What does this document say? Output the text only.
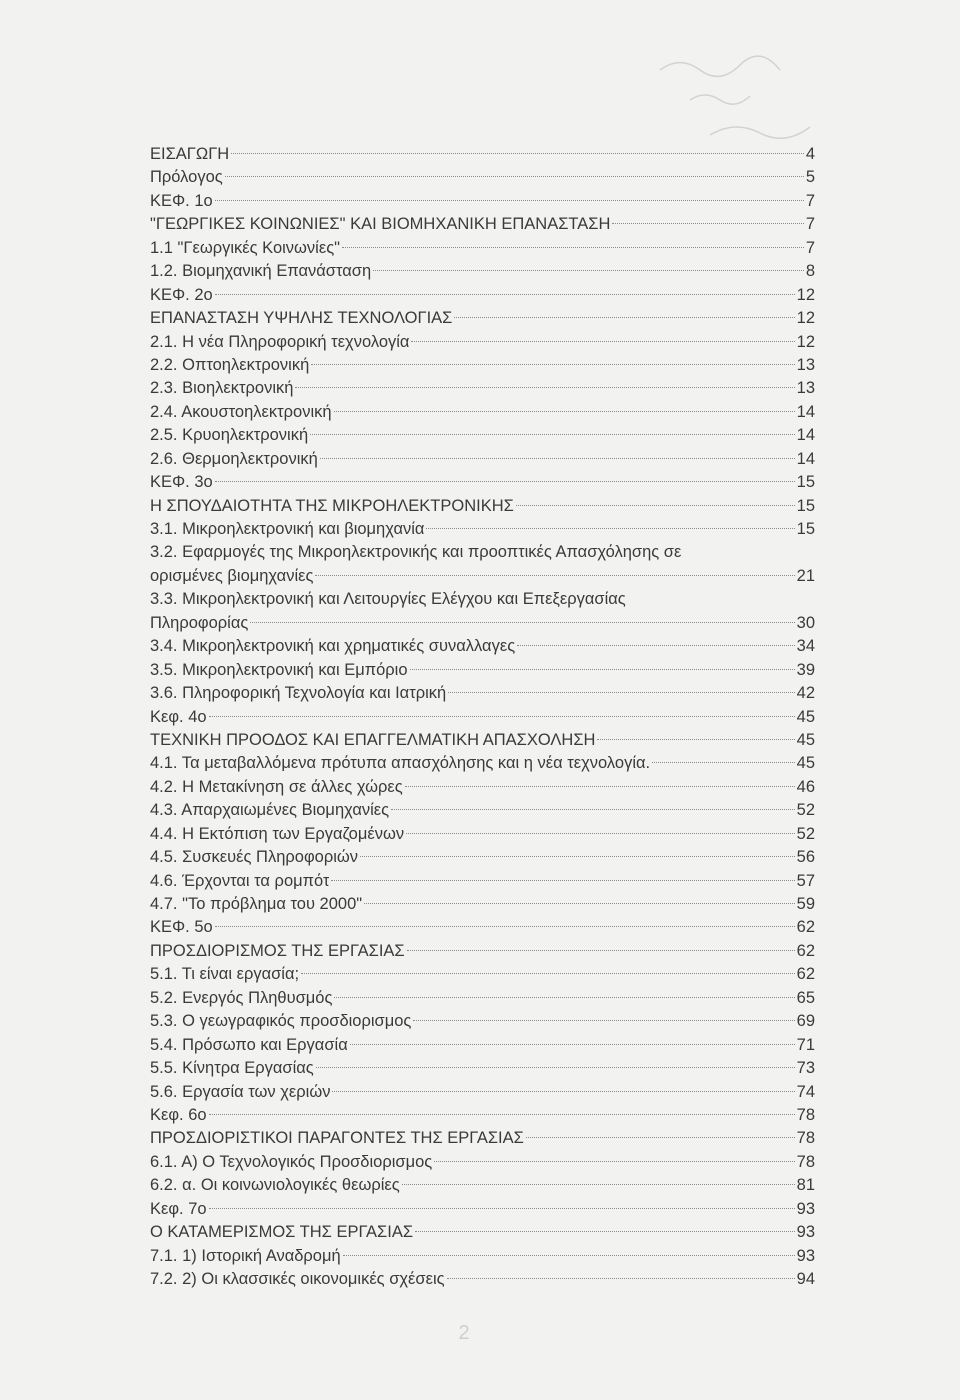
ΕΙΣΑΓΩΓΗ	4
Πρόλογος	5
ΚΕΦ. 1ο	7
"ΓΕΩΡΓΙΚΕΣ ΚΟΙΝΩΝΙΕΣ" ΚΑΙ ΒΙΟΜΗΧΑΝΙΚΗ ΕΠΑΝΑΣΤΑΣΗ	7
1.1 "Γεωργικές Κοινωνίες"	7
1.2. Βιομηχανική Επανάσταση	8
ΚΕΦ. 2ο	12
ΕΠΑΝΑΣΤΑΣΗ ΥΨΗΛΗΣ ΤΕΧΝΟΛΟΓΙΑΣ	12
2.1. Η νέα Πληροφορική τεχνολογία	12
2.2. Οπτοηλεκτρονική	13
2.3. Βιοηλεκτρονική	13
2.4. Ακουστοηλεκτρονική	14
2.5. Κρυοηλεκτρονική	14
2.6. Θερμοηλεκτρονική	14
ΚΕΦ. 3ο	15
Η ΣΠΟΥΔΑΙΟΤΗΤΑ ΤΗΣ ΜΙΚΡΟΗΛΕΚΤΡΟΝΙΚΗΣ	15
3.1. Μικροηλεκτρονική και βιομηχανία	15
3.2. Εφαρμογές της Μικροηλεκτρονικής και προοπτικές Απασχόλησης σε
ορισμένες βιομηχανίες	21
3.3. Μικροηλεκτρονική και Λειτουργίες Ελέγχου και Επεξεργασίας
Πληροφορίας	30
3.4. Μικροηλεκτρονική και χρηματικές συναλλαγες	34
3.5. Μικροηλεκτρονική και Εμπόριο	39
3.6. Πληροφορική Τεχνολογία και Ιατρική	42
Κεφ. 4ο	45
ΤΕΧΝΙΚΗ ΠΡΟΟΔΟΣ ΚΑΙ ΕΠΑΓΓΕΛΜΑΤΙΚΗ ΑΠΑΣΧΟΛΗΣΗ	45
4.1. Τα μεταβαλλόμενα πρότυπα απασχόλησης και η νέα τεχνολογία.	45
4.2. Η Μετακίνηση σε άλλες χώρες	46
4.3. Απαρχαιωμένες Βιομηχανίες	52
4.4. Η Εκτόπιση των Εργαζομένων	52
4.5. Συσκευές Πληροφοριών	56
4.6. Έρχονται τα ρομπότ	57
4.7. "Το πρόβλημα του 2000"	59
ΚΕΦ. 5ο	62
ΠΡΟΣΔΙΟΡΙΣΜΟΣ ΤΗΣ ΕΡΓΑΣΙΑΣ	62
5.1. Τι είναι εργασία;	62
5.2. Ενεργός Πληθυσμός	65
5.3. Ο γεωγραφικός προσδιορισμος	69
5.4. Πρόσωπο και Εργασία	71
5.5. Κίνητρα Εργασίας	73
5.6. Εργασία των χεριών	74
Κεφ. 6ο	78
ΠΡΟΣΔΙΟΡΙΣΤΙΚΟΙ ΠΑΡΑΓΟΝΤΕΣ ΤΗΣ ΕΡΓΑΣΙΑΣ	78
6.1. Α) Ο Τεχνολογικός Προσδιορισμος	78
6.2. α. Οι κοινωνιολογικές θεωρίες	81
Κεφ. 7ο	93
Ο ΚΑΤΑΜΕΡΙΣΜΟΣ ΤΗΣ ΕΡΓΑΣΙΑΣ	93
7.1. 1) Ιστορική Αναδρομή	93
7.2. 2) Οι κλασσικές οικονομικές σχέσεις	94
2
